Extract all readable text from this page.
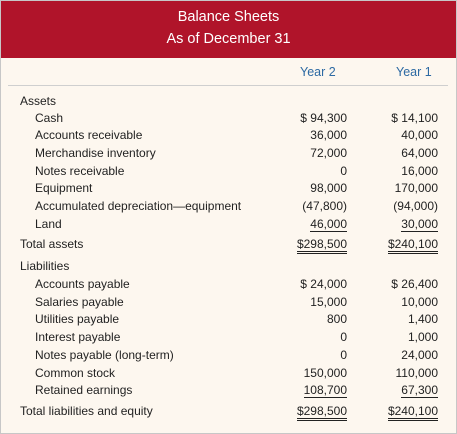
Balance Sheets
As of December 31
Year 2	Year 1
Assets
Cash	$ 94,300	$ 14,100
Accounts receivable	36,000	40,000
Merchandise inventory	72,000	64,000
Notes receivable	0	16,000
Equipment	98,000	170,000
Accumulated depreciation—equipment	(47,800)	(94,000)
Land	46,000	30,000
Total assets	$298,500	$240,100
Liabilities
Accounts payable	$ 24,000	$ 26,400
Salaries payable	15,000	10,000
Utilities payable	800	1,400
Interest payable	0	1,000
Notes payable (long-term)	0	24,000
Common stock	150,000	110,000
Retained earnings	108,700	67,300
Total liabilities and equity	$298,500	$240,100
